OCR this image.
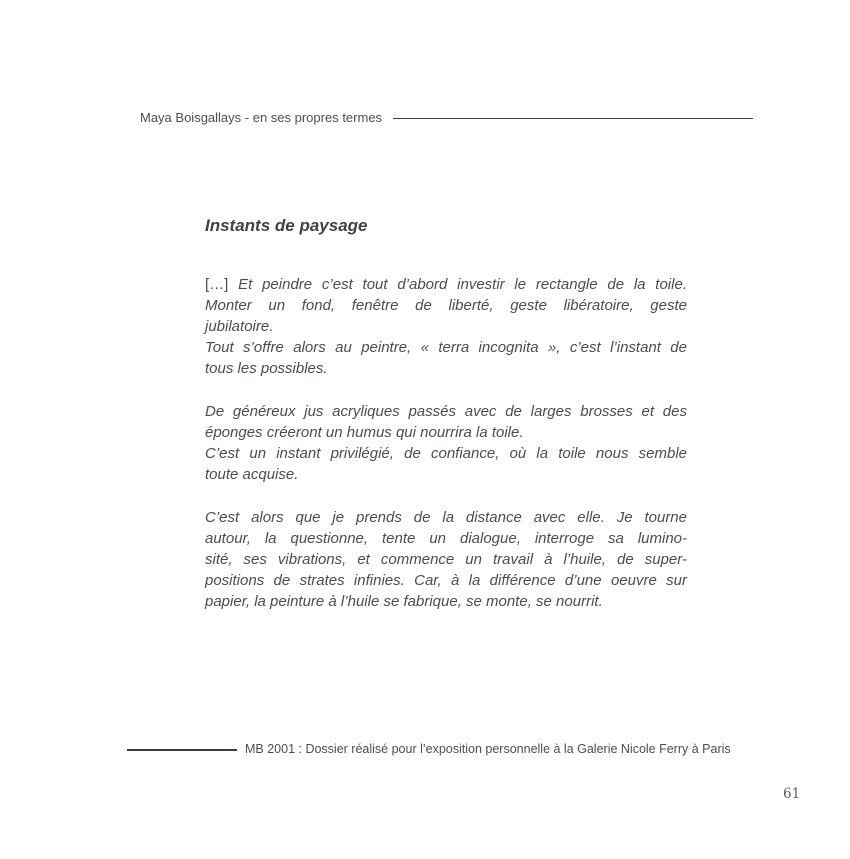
Maya Boisgallays - en ses propres termes
Instants de paysage
[…] Et peindre c’est tout d’abord investir le rectangle de la toile.
Monter un fond, fenêtre de liberté, geste libératoire, geste
jubilatoire.
Tout s’offre alors au peintre, « terra incognita », c’est l’instant de
tous les possibles.
De généreux jus acryliques passés avec de larges brosses et des
éponges créeront un humus qui nourrira la toile.
C’est un instant privilégié, de confiance, où la toile nous semble
toute acquise.
C’est alors que je prends de la distance avec elle. Je tourne
autour, la questionne, tente un dialogue, interroge sa lumino-
sité, ses vibrations, et commence un travail à l’huile, de super-
positions de strates infinies. Car, à la différence d’une oeuvre sur
papier, la peinture à l’huile se fabrique, se monte, se nourrit.
MB 2001 : Dossier réalisé pour l’exposition personnelle à la Galerie Nicole Ferry à Paris
61
